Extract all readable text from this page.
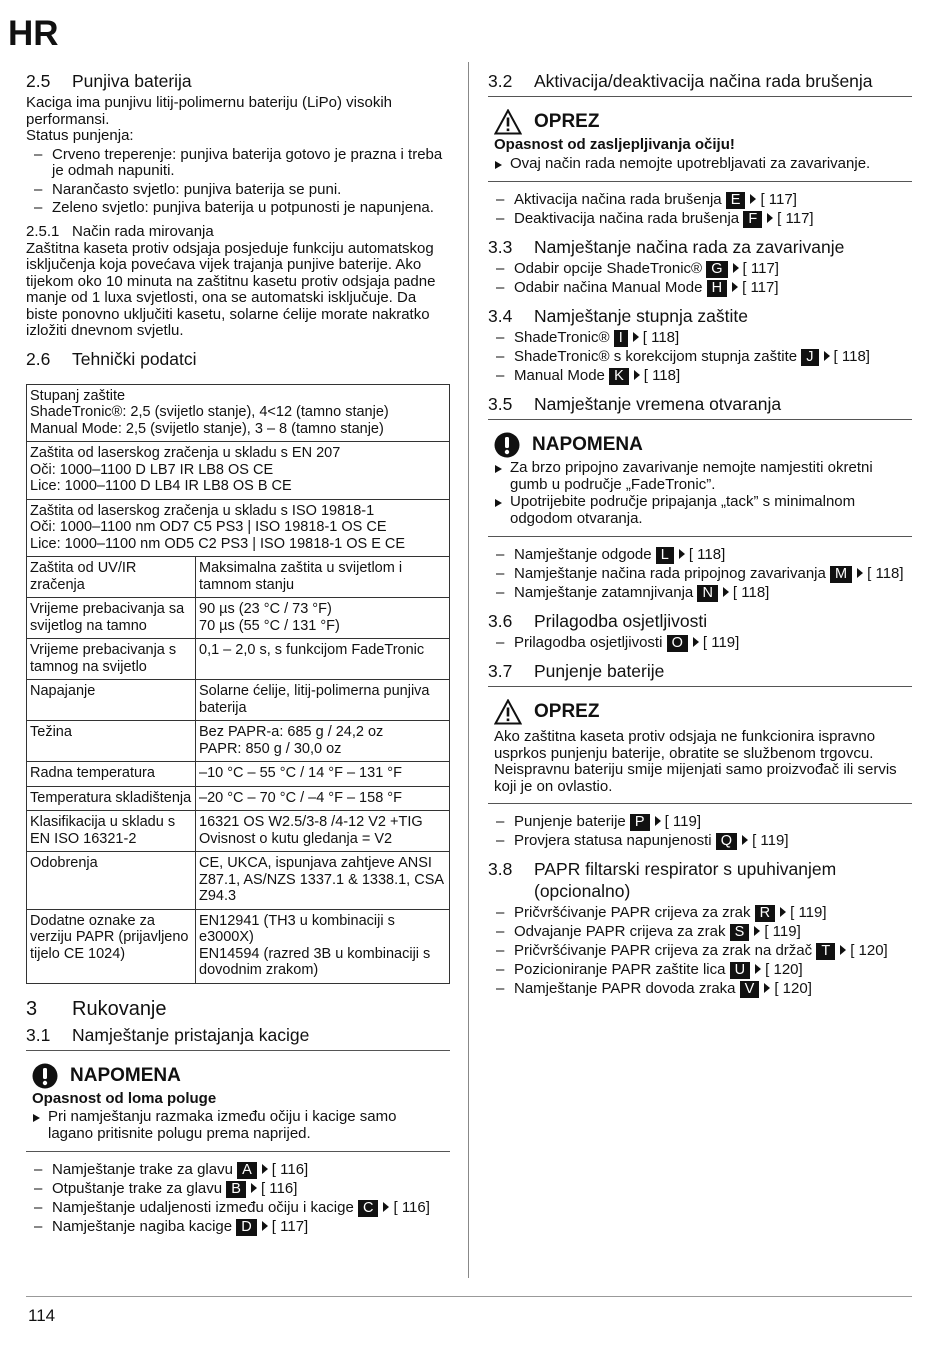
HR
2.5	Punjiva baterija

Kaciga ima punjivu litij-polimernu bateriju (LiPo) visokih performansi.

Status punjenja:

– Crveno treperenje: punjiva baterija gotovo je prazna i treba je odmah napuniti.
– Narančasto svjetlo: punjiva baterija se puni.
– Zeleno svjetlo: punjiva baterija u potpunosti je napunjena.
2.5.1 Način rada mirovanja

Zaštitna kaseta protiv odsjaja posjeduje funkciju automatskog isključenja koja povećava vijek trajanja punjive baterije. Ako tijekom oko 10 minuta na zaštitnu kasetu protiv odsjaja padne manje od 1 luxa svjetlosti, ona se automatski isključuje. Da biste ponovno uključiti kasetu, solarne ćelije morate nakratko izložiti dnevnom svjetlu.

2.6	Tehnički podatci
Stupanj zaštite
ShadeTronic®: 2,5 (svijetlo stanje), 4<12 (tamno stanje)
Manual Mode: 2,5 (svijetlo stanje), 3 – 8 (tamno stanje)	

Zaštita od laserskog zračenja u skladu s EN 207
Oči: 1000–1100 D LB7 IR LB8 OS CE
Lice: 1000–1100 D LB4 IR LB8 OS B CE	

Zaštita od laserskog zračenja u skladu s ISO 19818-1
Oči: 1000–1100 nm OD7 C5 PS3 | ISO 19818-1 OS CE
Lice: 1000–1100 nm OD5 C2 PS3 | ISO 19818-1 OS E CE	

Zaštita od UV/IR zračenja	Maksimalna zaštita u svijetlom i tamnom stanju

Vrijeme prebacivanja sa svijetlog na tamno	90 µs (23 °C / 73 °F)
70 µs (55 °C / 131 °F)

Vrijeme prebacivanja s tamnog na svijetlo	0,1 – 2,0 s, s funkcijom FadeTronic

Napajanje	Solarne ćelije, litij-polimerna punjiva baterija

Težina	Bez PAPR-a: 685 g / 24,2 oz
PAPR: 850 g / 30,0 oz

Radna temperatura	–10 °C – 55 °C / 14 °F – 131 °F

Temperatura skladištenja	–20 °C – 70 °C / –4 °F – 158 °F

Klasifikacija u skladu s EN ISO 16321-2	16321 OS W2.5/3-8 /4-12 V2 +TIG
Ovisnost o kutu gledanja = V2

Odobrenja	CE, UKCA, ispunjava zahtjeve ANSI Z87.1, AS/NZS 1337.1 & 1338.1, CSA Z94.3

Dodatne oznake za verziju PAPR (prijavljeno tijelo CE 1024)	EN12941 (TH3 u kombinaciji s e3000X)
EN14594 (razred 3B u kombinaciji s dovodnim zrakom)
3	Rukovanje
3.1	Namještanje pristajanja kacige
NAPOMENA
Opasnost od loma poluge
Pri namještanju razmaka između očiju i kacige samo lagano pritisnite polugu prema naprijed.
– Namještanje trake za glavu A [ 116]
– Otpuštanje trake za glavu B [ 116]
– Namještanje udaljenosti između očiju i kacige C [ 116]
– Namještanje nagiba kacige D [ 117]
3.2	Aktivacija/deaktivacija načina rada brušenja
OPREZ
Opasnost od zasljepljivanja očiju!
Ovaj način rada nemojte upotrebljavati za zavarivanje.
– Aktivacija načina rada brušenja E [ 117]
– Deaktivacija načina rada brušenja F [ 117]
3.3	Namještanje načina rada za zavarivanje
– Odabir opcije ShadeTronic® G [ 117]
– Odabir načina Manual Mode H [ 117]
3.4	Namještanje stupnja zaštite
– ShadeTronic® I [ 118]
– ShadeTronic® s korekcijom stupnja zaštite J [ 118]
– Manual Mode K [ 118]
3.5	Namještanje vremena otvaranja
NAPOMENA
Za brzo pripojno zavarivanje nemojte namjestiti okretni gumb u područje „FadeTronic”.
Upotrijebite područje pripajanja „tack” s minimalnom odgodom otvaranja.
– Namještanje odgode L [ 118]
– Namještanje načina rada pripojnog zavarivanja M [ 118]
– Namještanje zatamnjivanja N [ 118]
3.6	Prilagodba osjetljivosti
– Prilagodba osjetljivosti O [ 119]
3.7	Punjenje baterije
OPREZ

Ako zaštitna kaseta protiv odsjaja ne funkcionira ispravno usprkos punjenju baterije, obratite se službenom trgovcu. Neispravnu bateriju smije mijenjati samo proizvođač ili servis koji je on ovlastio.

– Punjenje baterije P [ 119]
– Provjera statusa napunjenosti Q [ 119]
3.8	PAPR filtarski respirator s upuhivanjem (opcionalno)
– Pričvršćivanje PAPR crijeva za zrak R [ 119]
– Odvajanje PAPR crijeva za zrak S [ 119]
– Pričvršćivanje PAPR crijeva za zrak na držač T [ 120]
– Pozicioniranje PAPR zaštite lica U [ 120]
– Namještanje PAPR dovoda zraka V [ 120]
114
